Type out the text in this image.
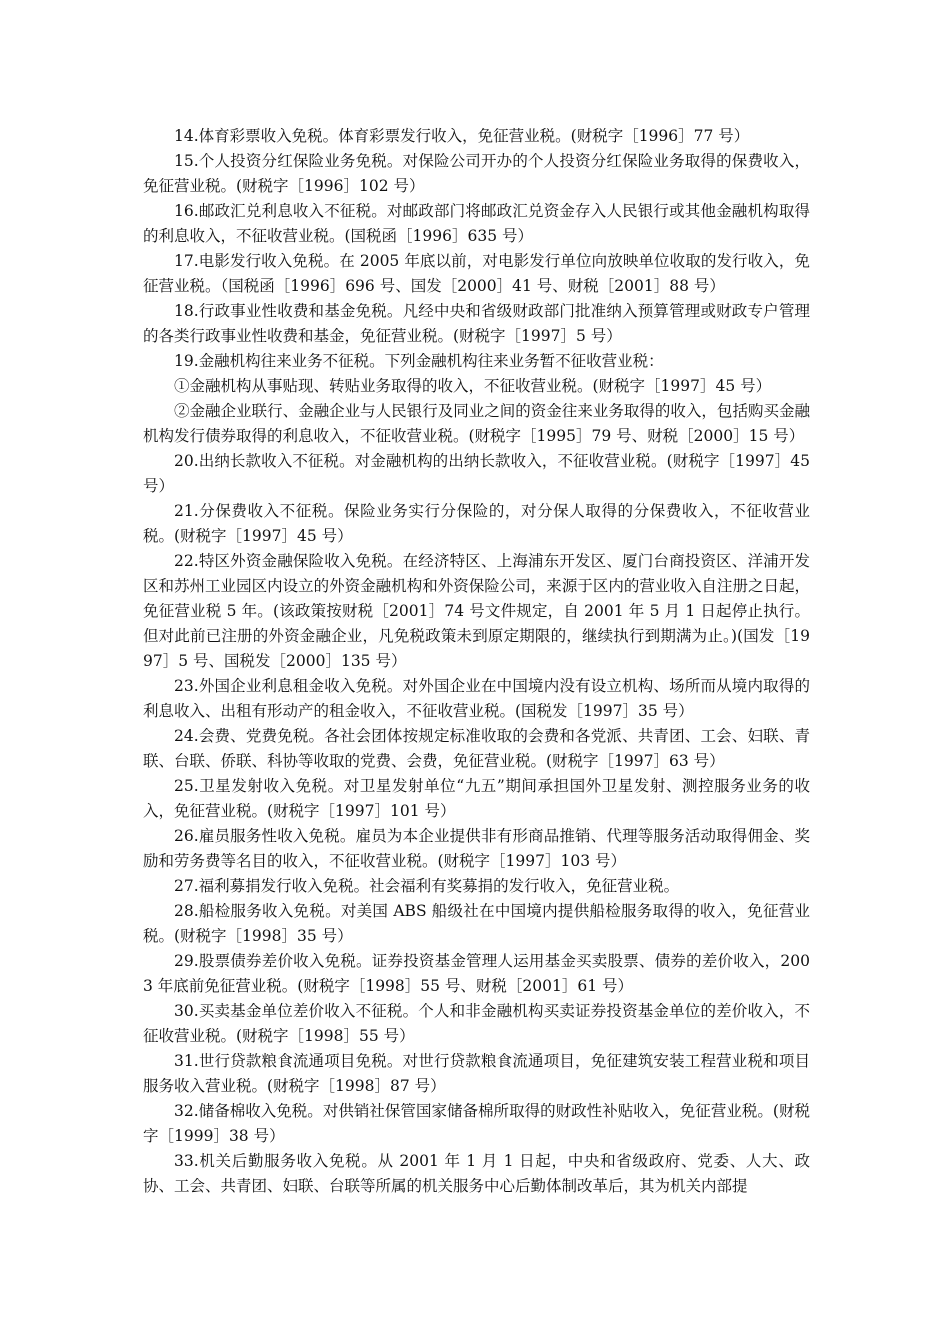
14.体育彩票收入免税。体育彩票发行收入，免征营业税。(财税字［1996］77 号）

15.个人投资分红保险业务免税。对保险公司开办的个人投资分红保险业务取得的保费收入，免征营业税。(财税字［1996］102 号）

16.邮政汇兑利息收入不征税。对邮政部门将邮政汇兑资金存入人民银行或其他金融机构取得的利息收入，不征收营业税。(国税函［1996］635 号）

17.电影发行收入免税。在 2005 年底以前，对电影发行单位向放映单位收取的发行收入，免征营业税。（国税函［1996］696 号、国发［2000］41 号、财税［2001］88 号）

18.行政事业性收费和基金免税。凡经中央和省级财政部门批准纳入预算管理或财政专户管理的各类行政事业性收费和基金，免征营业税。(财税字［1997］5 号）

19.金融机构往来业务不征税。下列金融机构往来业务暂不征收营业税：

①金融机构从事贴现、转贴业务取得的收入，不征收营业税。(财税字［1997］45 号）

②金融企业联行、金融企业与人民银行及同业之间的资金往来业务取得的收入，包括购买金融机构发行债券取得的利息收入，不征收营业税。(财税字［1995］79 号、财税［2000］15 号）

20.出纳长款收入不征税。对金融机构的出纳长款收入，不征收营业税。(财税字［1997］45 号）

21.分保费收入不征税。保险业务实行分保险的，对分保人取得的分保费收入，不征收营业税。(财税字［1997］45 号）

22.特区外资金融保险收入免税。在经济特区、上海浦东开发区、厦门台商投资区、洋浦开发区和苏州工业园区内设立的外资金融机构和外资保险公司，来源于区内的营业收入自注册之日起，免征营业税 5 年。(该政策按财税［2001］74 号文件规定，自 2001 年 5 月 1 日起停止执行。但对此前已注册的外资金融企业，凡免税政策未到原定期限的，继续执行到期满为止。)(国发［1997］5 号、国税发［2000］135 号）

23.外国企业利息租金收入免税。对外国企业在中国境内没有设立机构、场所而从境内取得的利息收入、出租有形动产的租金收入，不征收营业税。(国税发［1997］35 号）

24.会费、党费免税。各社会团体按规定标准收取的会费和各党派、共青团、工会、妇联、青联、台联、侨联、科协等收取的党费、会费，免征营业税。(财税字［1997］63 号）

25.卫星发射收入免税。对卫星发射单位“九五”期间承担国外卫星发射、测控服务业务的收入，免征营业税。(财税字［1997］101 号）

26.雇员服务性收入免税。雇员为本企业提供非有形商品推销、代理等服务活动取得佣金、奖励和劳务费等名目的收入，不征收营业税。(财税字［1997］103 号）

27.福利募捐发行收入免税。社会福利有奖募捐的发行收入，免征营业税。

28.船检服务收入免税。对美国 ABS 船级社在中国境内提供船检服务取得的收入，免征营业税。(财税字［1998］35 号）

29.股票债券差价收入免税。证券投资基金管理人运用基金买卖股票、债券的差价收入，2003 年底前免征营业税。(财税字［1998］55 号、财税［2001］61 号）

30.买卖基金单位差价收入不征税。个人和非金融机构买卖证券投资基金单位的差价收入，不征收营业税。(财税字［1998］55 号）

31.世行贷款粮食流通项目免税。对世行贷款粮食流通项目，免征建筑安装工程营业税和项目服务收入营业税。(财税字［1998］87 号）

32.储备棉收入免税。对供销社保管国家储备棉所取得的财政性补贴收入，免征营业税。(财税字［1999］38 号）

33.机关后勤服务收入免税。从 2001 年 1 月 1 日起，中央和省级政府、党委、人大、政协、工会、共青团、妇联、台联等所属的机关服务中心后勤体制改革后，其为机关内部提
